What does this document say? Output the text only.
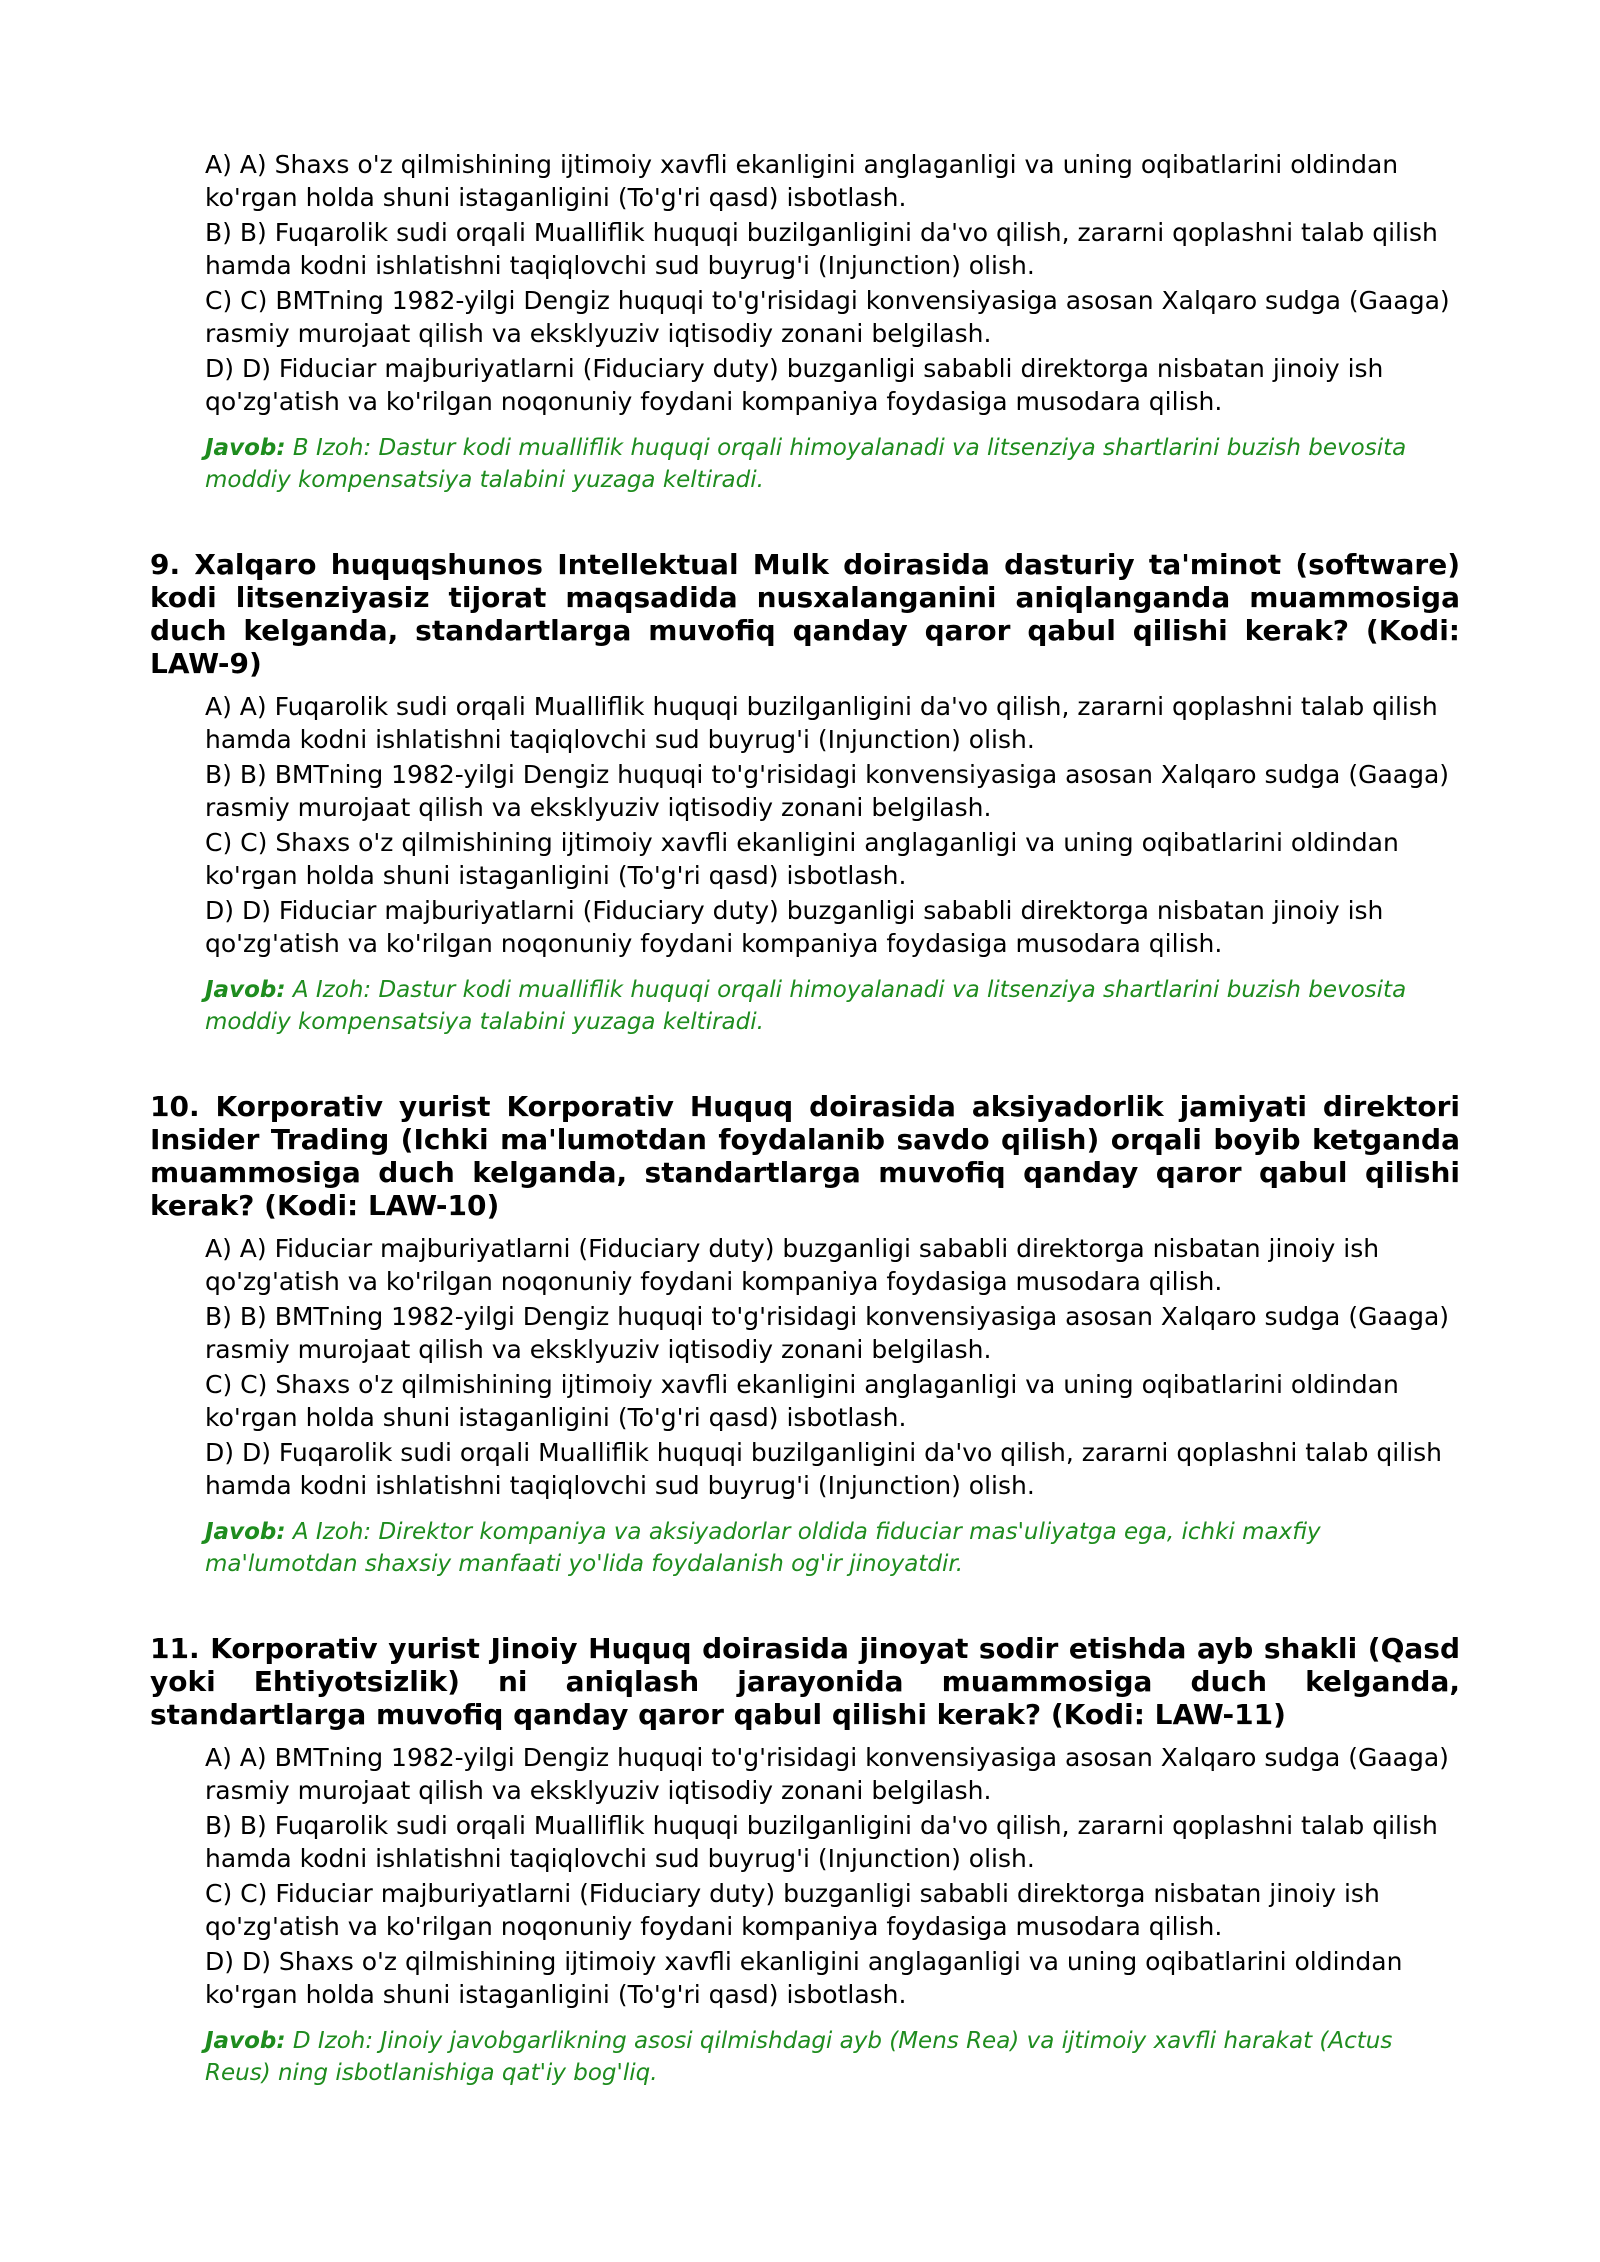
A) A) Shaxs o'z qilmishining ijtimoiy xavfli ekanligini anglaganligi va uning oqibatlarini oldindan ko'rgan holda shuni istaganligini (To'g'ri qasd) isbotlash.
B) B) Fuqarolik sudi orqali Mualliflik huquqi buzilganligini da'vo qilish, zararni qoplashni talab qilish hamda kodni ishlatishni taqiqlovchi sud buyrug'i (Injunction) olish.
C) C) BMTning 1982-yilgi Dengiz huquqi to'g'risidagi konvensiyasiga asosan Xalqaro sudga (Gaaga) rasmiy murojaat qilish va eksklyuziv iqtisodiy zonani belgilash.
D) D) Fiduciar majburiyatlarni (Fiduciary duty) buzganligi sababli direktorga nisbatan jinoiy ish qo'zg'atish va ko'rilgan noqonuniy foydani kompaniya foydasiga musodara qilish.
Javob: B Izoh: Dastur kodi mualliflik huquqi orqali himoyalanadi va litsenziya shartlarini buzish bevosita moddiy kompensatsiya talabini yuzaga keltiradi.
9. Xalqaro huquqshunos Intellektual Mulk doirasida dasturiy ta'minot (software) kodi litsenziyasiz tijorat maqsadida nusxalanganini aniqlanganda muammosiga duch kelganda, standartlarga muvofiq qanday qaror qabul qilishi kerak? (Kodi: LAW-9)
A) A) Fuqarolik sudi orqali Mualliflik huquqi buzilganligini da'vo qilish, zararni qoplashni talab qilish hamda kodni ishlatishni taqiqlovchi sud buyrug'i (Injunction) olish.
B) B) BMTning 1982-yilgi Dengiz huquqi to'g'risidagi konvensiyasiga asosan Xalqaro sudga (Gaaga) rasmiy murojaat qilish va eksklyuziv iqtisodiy zonani belgilash.
C) C) Shaxs o'z qilmishining ijtimoiy xavfli ekanligini anglaganligi va uning oqibatlarini oldindan ko'rgan holda shuni istaganligini (To'g'ri qasd) isbotlash.
D) D) Fiduciar majburiyatlarni (Fiduciary duty) buzganligi sababli direktorga nisbatan jinoiy ish qo'zg'atish va ko'rilgan noqonuniy foydani kompaniya foydasiga musodara qilish.
Javob: A Izoh: Dastur kodi mualliflik huquqi orqali himoyalanadi va litsenziya shartlarini buzish bevosita moddiy kompensatsiya talabini yuzaga keltiradi.
10. Korporativ yurist Korporativ Huquq doirasida aksiyadorlik jamiyati direktori Insider Trading (Ichki ma'lumotdan foydalanib savdo qilish) orqali boyib ketganda muammosiga duch kelganda, standartlarga muvofiq qanday qaror qabul qilishi kerak? (Kodi: LAW-10)
A) A) Fiduciar majburiyatlarni (Fiduciary duty) buzganligi sababli direktorga nisbatan jinoiy ish qo'zg'atish va ko'rilgan noqonuniy foydani kompaniya foydasiga musodara qilish.
B) B) BMTning 1982-yilgi Dengiz huquqi to'g'risidagi konvensiyasiga asosan Xalqaro sudga (Gaaga) rasmiy murojaat qilish va eksklyuziv iqtisodiy zonani belgilash.
C) C) Shaxs o'z qilmishining ijtimoiy xavfli ekanligini anglaganligi va uning oqibatlarini oldindan ko'rgan holda shuni istaganligini (To'g'ri qasd) isbotlash.
D) D) Fuqarolik sudi orqali Mualliflik huquqi buzilganligini da'vo qilish, zararni qoplashni talab qilish hamda kodni ishlatishni taqiqlovchi sud buyrug'i (Injunction) olish.
Javob: A Izoh: Direktor kompaniya va aksiyadorlar oldida fiduciar mas'uliyatga ega, ichki maxfiy ma'lumotdan shaxsiy manfaati yo'lida foydalanish og'ir jinoyatdir.
11. Korporativ yurist Jinoiy Huquq doirasida jinoyat sodir etishda ayb shakli (Qasd yoki Ehtiyotsizlik) ni aniqlash jarayonida muammosiga duch kelganda, standartlarga muvofiq qanday qaror qabul qilishi kerak? (Kodi: LAW-11)
A) A) BMTning 1982-yilgi Dengiz huquqi to'g'risidagi konvensiyasiga asosan Xalqaro sudga (Gaaga) rasmiy murojaat qilish va eksklyuziv iqtisodiy zonani belgilash.
B) B) Fuqarolik sudi orqali Mualliflik huquqi buzilganligini da'vo qilish, zararni qoplashni talab qilish hamda kodni ishlatishni taqiqlovchi sud buyrug'i (Injunction) olish.
C) C) Fiduciar majburiyatlarni (Fiduciary duty) buzganligi sababli direktorga nisbatan jinoiy ish qo'zg'atish va ko'rilgan noqonuniy foydani kompaniya foydasiga musodara qilish.
D) D) Shaxs o'z qilmishining ijtimoiy xavfli ekanligini anglaganligi va uning oqibatlarini oldindan ko'rgan holda shuni istaganligini (To'g'ri qasd) isbotlash.
Javob: D Izoh: Jinoiy javobgarlikning asosi qilmishdagi ayb (Mens Rea) va ijtimoiy xavfli harakat (Actus Reus) ning isbotlanishiga qat'iy bog'liq.
